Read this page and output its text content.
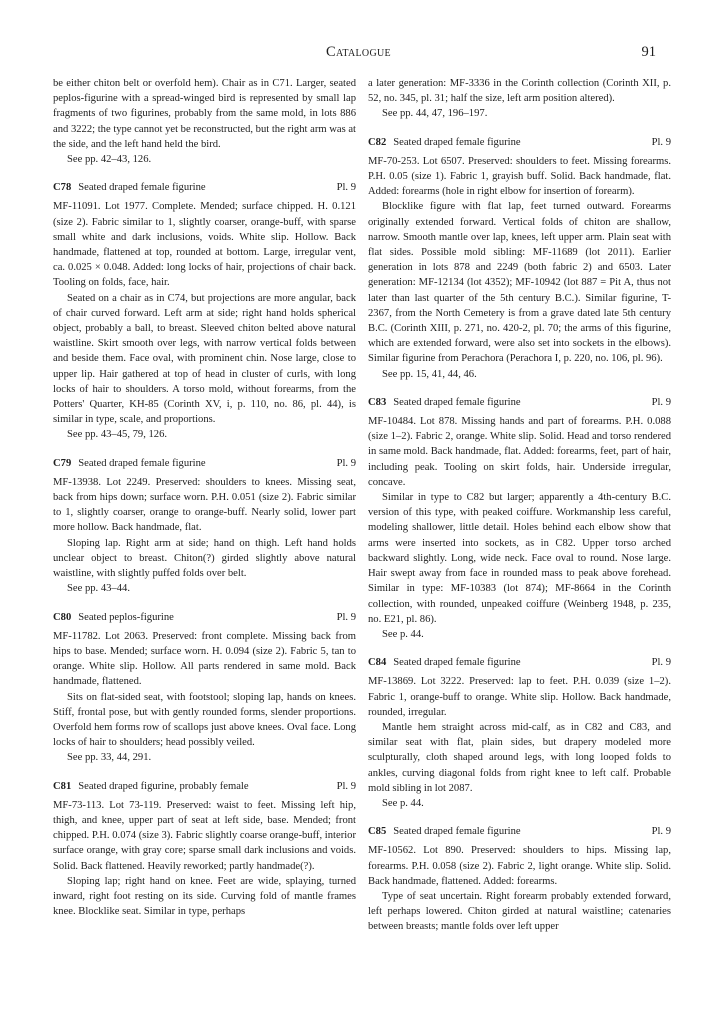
Catalogue	91

be either chiton belt or overfold hem). Chair as in C71. Larger, seated peplos-figurine with a spread-winged bird is represented by small lap fragments of two figurines, probably from the same mold, in lots 886 and 3222; the type cannot yet be reconstructed, but the right arm was at the side, and the left hand held the bird.

See pp. 42–43, 126.

C78 Seated draped female figurine	Pl. 9

MF-11091. Lot 1977. Complete. Mended; surface chipped. H. 0.121 (size 2). Fabric similar to 1, slightly coarser, orange-buff, with sparse small white and dark inclusions, voids. White slip. Hollow. Back handmade, flattened at top, rounded at bottom. Large, irregular vent, ca. 0.025 × 0.048. Added: long locks of hair, projections of chair back. Tooling on folds, face, hair.

Seated on a chair as in C74, but projections are more angular, back of chair curved forward. Left arm at side; right hand holds spherical object, probably a ball, to breast. Sleeved chiton belted above natural waistline. Skirt smooth over legs, with narrow vertical folds between and beside them. Face oval, with prominent chin. Nose large, close to upper lip. Hair gathered at top of head in cluster of curls, with long locks of hair to shoulders. A torso mold, without forearms, from the Potters' Quarter, KH-85 (Corinth XV, i, p. 110, no. 86, pl. 44), is similar in type, scale, and proportions.

See pp. 43–45, 79, 126.

C79 Seated draped female figurine	Pl. 9

MF-13938. Lot 2249. Preserved: shoulders to knees. Missing seat, back from hips down; surface worn. P.H. 0.051 (size 2). Fabric similar to 1, slightly coarser, orange to orange-buff. Nearly solid, lower part more hollow. Back handmade, flat.

Sloping lap. Right arm at side; hand on thigh. Left hand holds unclear object to breast. Chiton(?) girded slightly above natural waistline, with slightly puffed folds over belt.

See pp. 43–44.

C80 Seated peplos-figurine	Pl. 9

MF-11782. Lot 2063. Preserved: front complete. Missing back from hips to base. Mended; surface worn. H. 0.094 (size 2). Fabric 5, tan to orange. White slip. Hollow. All parts rendered in same mold. Back handmade, flattened.

Sits on flat-sided seat, with footstool; sloping lap, hands on knees. Stiff, frontal pose, but with gently rounded forms, slender proportions. Overfold hem forms row of scallops just above knees. Oval face. Long locks of hair to shoulders; head possibly veiled.

See pp. 33, 44, 291.

C81 Seated draped figurine, probably female	Pl. 9

MF-73-113. Lot 73-119. Preserved: waist to feet. Missing left hip, thigh, and knee, upper part of seat at left side, base. Mended; front chipped. P.H. 0.074 (size 3). Fabric slightly coarse orange-buff, interior surface orange, with gray core; sparse small dark inclusions and voids. Solid. Back flattened. Heavily reworked; partly handmade(?).

Sloping lap; right hand on knee. Feet are wide, splaying, turned inward, right foot resting on its side. Curving fold of mantle frames knee. Blocklike seat. Similar in type, perhaps

a later generation: MF-3336 in the Corinth collection (Corinth XII, p. 52, no. 345, pl. 31; half the size, left arm position altered).

See pp. 44, 47, 196–197.

C82 Seated draped female figurine	Pl. 9

MF-70-253. Lot 6507. Preserved: shoulders to feet. Missing forearms. P.H. 0.05 (size 1). Fabric 1, grayish buff. Solid. Back handmade, flat. Added: forearms (hole in right elbow for insertion of forearm).

Blocklike figure with flat lap, feet turned outward. Forearms originally extended forward. Vertical folds of chiton are shallow, narrow. Smooth mantle over lap, knees, left upper arm. Plain seat with flat sides. Possible mold sibling: MF-11689 (lot 2011). Earlier generation in lots 878 and 2249 (both fabric 2) and 6503. Later generation: MF-12134 (lot 4352); MF-10942 (lot 887 = Pit A, thus not later than last quarter of the 5th century B.C.). Similar figurine, T-2367, from the North Cemetery is from a grave dated late 5th century B.C. (Corinth XIII, p. 271, no. 420-2, pl. 70; the arms of this figurine, which are extended forward, were also set into sockets in the elbows). Similar figurine from Perachora (Perachora I, p. 220, no. 106, pl. 96).

See pp. 15, 41, 44, 46.

C83 Seated draped female figurine	Pl. 9

MF-10484. Lot 878. Missing hands and part of forearms. P.H. 0.088 (size 1–2). Fabric 2, orange. White slip. Solid. Head and torso rendered in same mold. Back handmade, flat. Added: forearms, feet, part of hair, including peak. Tooling on skirt folds, hair. Underside irregular, concave.

Similar in type to C82 but larger; apparently a 4th-century B.C. version of this type, with peaked coiffure. Workmanship less careful, modeling shallower, little detail. Holes behind each elbow show that arms were inserted into sockets, as in C82. Upper torso arched backward slightly. Long, wide neck. Face oval to round. Nose large. Hair swept away from face in rounded mass to peak above forehead. Similar in type: MF-10383 (lot 874); MF-8664 in the Corinth collection, with rounded, unpeaked coiffure (Weinberg 1948, p. 235, no. E21, pl. 86).

See p. 44.

C84 Seated draped female figurine	Pl. 9

MF-13869. Lot 3222. Preserved: lap to feet. P.H. 0.039 (size 1–2). Fabric 1, orange-buff to orange. White slip. Hollow. Back handmade, rounded, irregular.

Mantle hem straight across mid-calf, as in C82 and C83, and similar seat with flat, plain sides, but drapery modeled more sculpturally, cloth shaped around legs, with long looped folds to ankles, curving diagonal folds from right knee to left calf. Probable mold sibling in lot 2087.

See p. 44.

C85 Seated draped female figurine	Pl. 9

MF-10562. Lot 890. Preserved: shoulders to hips. Missing lap, forearms. P.H. 0.058 (size 2). Fabric 2, light orange. White slip. Solid. Back handmade, flattened. Added: forearms.

Type of seat uncertain. Right forearm probably extended forward, left perhaps lowered. Chiton girded at natural waistline; catenaries between breasts; mantle folds over left upper
